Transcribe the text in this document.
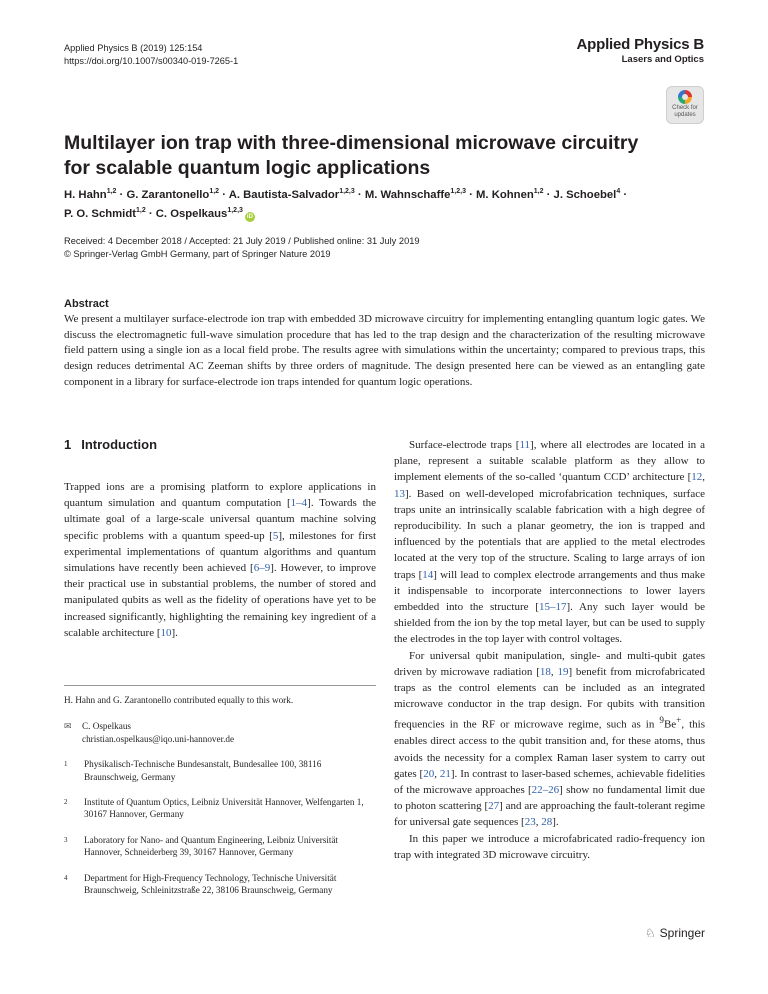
Applied Physics B (2019) 125:154
https://doi.org/10.1007/s00340-019-7265-1
Applied Physics B
Lasers and Optics
Check for updates
Multilayer ion trap with three-dimensional microwave circuitry for scalable quantum logic applications
H. Hahn$^{1,2}$ · G. Zarantonello$^{1,2}$ · A. Bautista-Salvador$^{1,2,3}$ · M. Wahnschaffe$^{1,2,3}$ · M. Kohnen$^{1,2}$ · J. Schoebel$^4$ ·
P. O. Schmidt$^{1,2}$ · C. Ospelkaus$^{1,2,3}$iD
Received: 4 December 2018 / Accepted: 21 July 2019 / Published online: 31 July 2019
© Springer-Verlag GmbH Germany, part of Springer Nature 2019
Abstract
We present a multilayer surface-electrode ion trap with embedded 3D microwave circuitry for implementing entangling quantum logic gates. We discuss the electromagnetic full-wave simulation procedure that has led to the trap design and the characterization of the resulting microwave field pattern using a single ion as a local field probe. The results agree with simulations within the uncertainty; compared to previous traps, this design reduces detrimental AC Zeeman shifts by three orders of magnitude. The design presented here can be viewed as an entangling gate component in a library for surface-electrode ion traps intended for quantum logic operations.
1 Introduction

Trapped ions are a promising platform to explore applications in quantum simulation and quantum computation [1–4]. Towards the ultimate goal of a large-scale universal quantum machine solving specific problems with a quantum speed-up [5], milestones for first experimental implementations of quantum algorithms and quantum simulations have recently been achieved [6–9]. However, to improve their practical use in substantial problems, the number of stored and manipulated qubits as well as the fidelity of operations have yet to be increased significantly, highlighting the remaining key ingredient of a scalable architecture [10].

H. Hahn and G. Zarantonello contributed equally to this work.
✉ C. Ospelkaus
christian.ospelkaus@iqo.uni-hannover.de
1	Physikalisch-Technische Bundesanstalt, Bundesallee 100, 38116 Braunschweig, Germany
2	Institute of Quantum Optics, Leibniz Universität Hannover, Welfengarten 1, 30167 Hannover, Germany
3	Laboratory for Nano- and Quantum Engineering, Leibniz Universität Hannover, Schneiderberg 39, 30167 Hannover, Germany
4	Department for High-Frequency Technology, Technische Universität Braunschweig, Schleinitzstraße 22, 38106 Braunschweig, Germany

Surface-electrode traps [11], where all electrodes are located in a plane, represent a suitable scalable platform as they allow to implement elements of the so-called ‘quantum CCD’ architecture [12, 13]. Based on well-developed microfabrication techniques, surface traps unite an intrinsically scalable fabrication with a high degree of reproducibility. In such a planar geometry, the ion is trapped and influenced by the potentials that are applied to the metal electrodes located at the very top of the structure. Scaling to large arrays of ion traps [14] will lead to complex electrode arrangements and thus make it indispensable to incorporate interconnections to lower layers embedded into the structure [15–17]. Any such layer would be shielded from the ion by the top metal layer, but can be used to supply the electrodes in the top layer with control voltages.

For universal qubit manipulation, single- and multi-qubit gates driven by microwave radiation [18, 19] benefit from microfabricated traps as the control elements can be included as an integrated microwave conductor in the trap design. For qubits with transition frequencies in the RF or microwave regime, such as in $^9$Be+, this enables direct access to the qubit transition and, for these atoms, thus avoids the necessity for a complex Raman laser system to carry out gates [20, 21]. In contrast to laser-based schemes, achievable fidelities of the microwave approaches [22–26] show no fundamental limit due to photon scattering [27] and are approaching the fault-tolerant regime for universal gate sequences [23, 28].

In this paper we introduce a microfabricated radio-frequency ion trap with integrated 3D microwave circuitry.

♘ Springer
